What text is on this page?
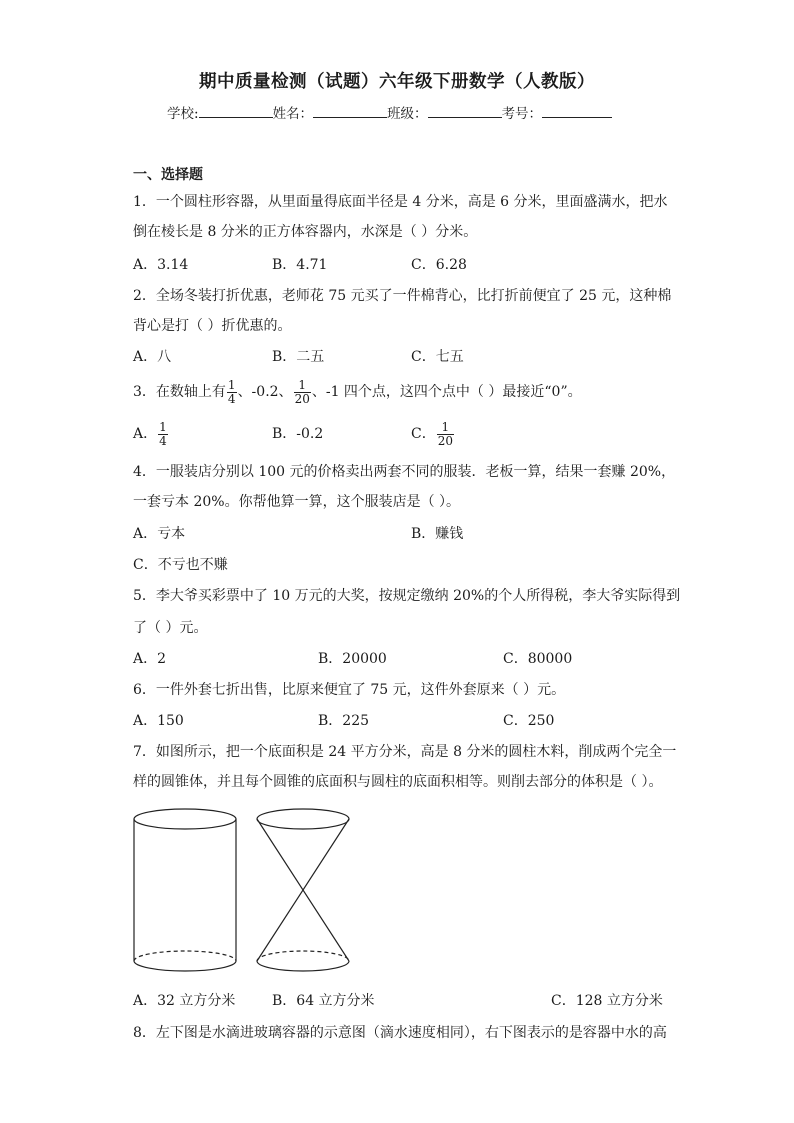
期中质量检测（试题）六年级下册数学（人教版）
学校:	姓名：	班级：	考号：
一、选择题
1．一个圆柱形容器，从里面量得底面半径是 4 分米，高是 6 分米，里面盛满水，把水
倒在棱长是 8 分米的正方体容器内，水深是（ ）分米。
A．3.14	B．4.71	C．6.28
2．全场冬装打折优惠，老师花 75 元买了一件棉背心，比打折前便宜了 25 元，这种棉
背心是打（ ）折优惠的。
A．八	B．二五	C．七五
3．在数轴上有 $\frac{1}{4}$ 、-0.2、 $\frac{1}{20}$ 、-1 四个点，这四个点中（ ）最接近“0”。
A． $\frac{1}{4}$	B．-0.2	C． $\frac{1}{20}$
4．一服装店分别以 100 元的价格卖出两套不同的服装．老板一算，结果一套赚 20%，
一套亏本 20%。你帮他算一算，这个服装店是（ ）。
A．亏本	B．赚钱
C．不亏也不赚
5．李大爷买彩票中了 10 万元的大奖，按规定缴纳 20%的个人所得税，李大爷实际得到
了（ ）元。
A．2	B．20000	C．80000
6．一件外套七折出售，比原来便宜了 75 元，这件外套原来（ ）元。
A．150	B．225	C．250
7．如图所示，把一个底面积是 24 平方分米，高是 8 分米的圆柱木料，削成两个完全一
样的圆锥体，并且每个圆锥的底面积与圆柱的底面积相等。则削去部分的体积是（ ）。
A．32 立方分米	B．64 立方分米	C．128 立方分米
8．左下图是水滴进玻璃容器的示意图（滴水速度相同），右下图表示的是容器中水的高
